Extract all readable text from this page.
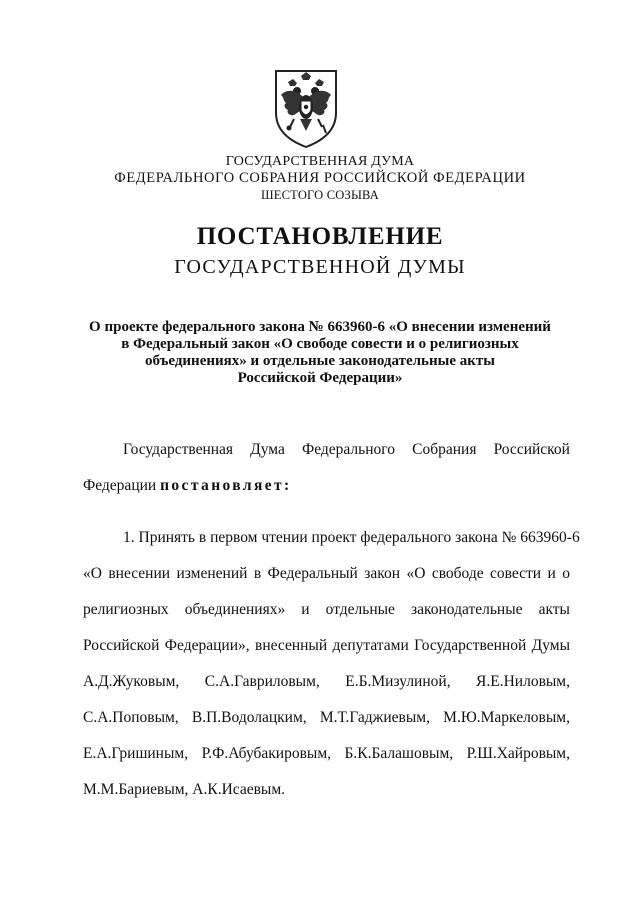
ГОСУДАРСТВЕННАЯ ДУМА
ФЕДЕРАЛЬНОГО СОБРАНИЯ РОССИЙСКОЙ ФЕДЕРАЦИИ
ШЕСТОГО СОЗЫВА
ПОСТАНОВЛЕНИЕ
ГОСУДАРСТВЕННОЙ ДУМЫ
О проекте федерального закона № 663960-6 «О внесении изменений
в Федеральный закон «О свободе совести и о религиозных
объединениях» и отдельные законодательные акты
Российской Федерации»
Государственная Дума Федерального Собрания Российской
Федерации постановляет:
1. Принять в первом чтении проект федерального закона № 663960-6
«О внесении изменений в Федеральный закон «О свободе совести и о
религиозных объединениях» и отдельные законодательные акты
Российской Федерации», внесенный депутатами Государственной Думы
А.Д.Жуковым, С.А.Гавриловым, Е.Б.Мизулиной, Я.Е.Ниловым,
С.А.Поповым, В.П.Водолацким, М.Т.Гаджиевым, М.Ю.Маркеловым,
Е.А.Гришиным, Р.Ф.Абубакировым, Б.К.Балашовым, Р.Ш.Хайровым,
М.М.Бариевым, А.К.Исаевым.
